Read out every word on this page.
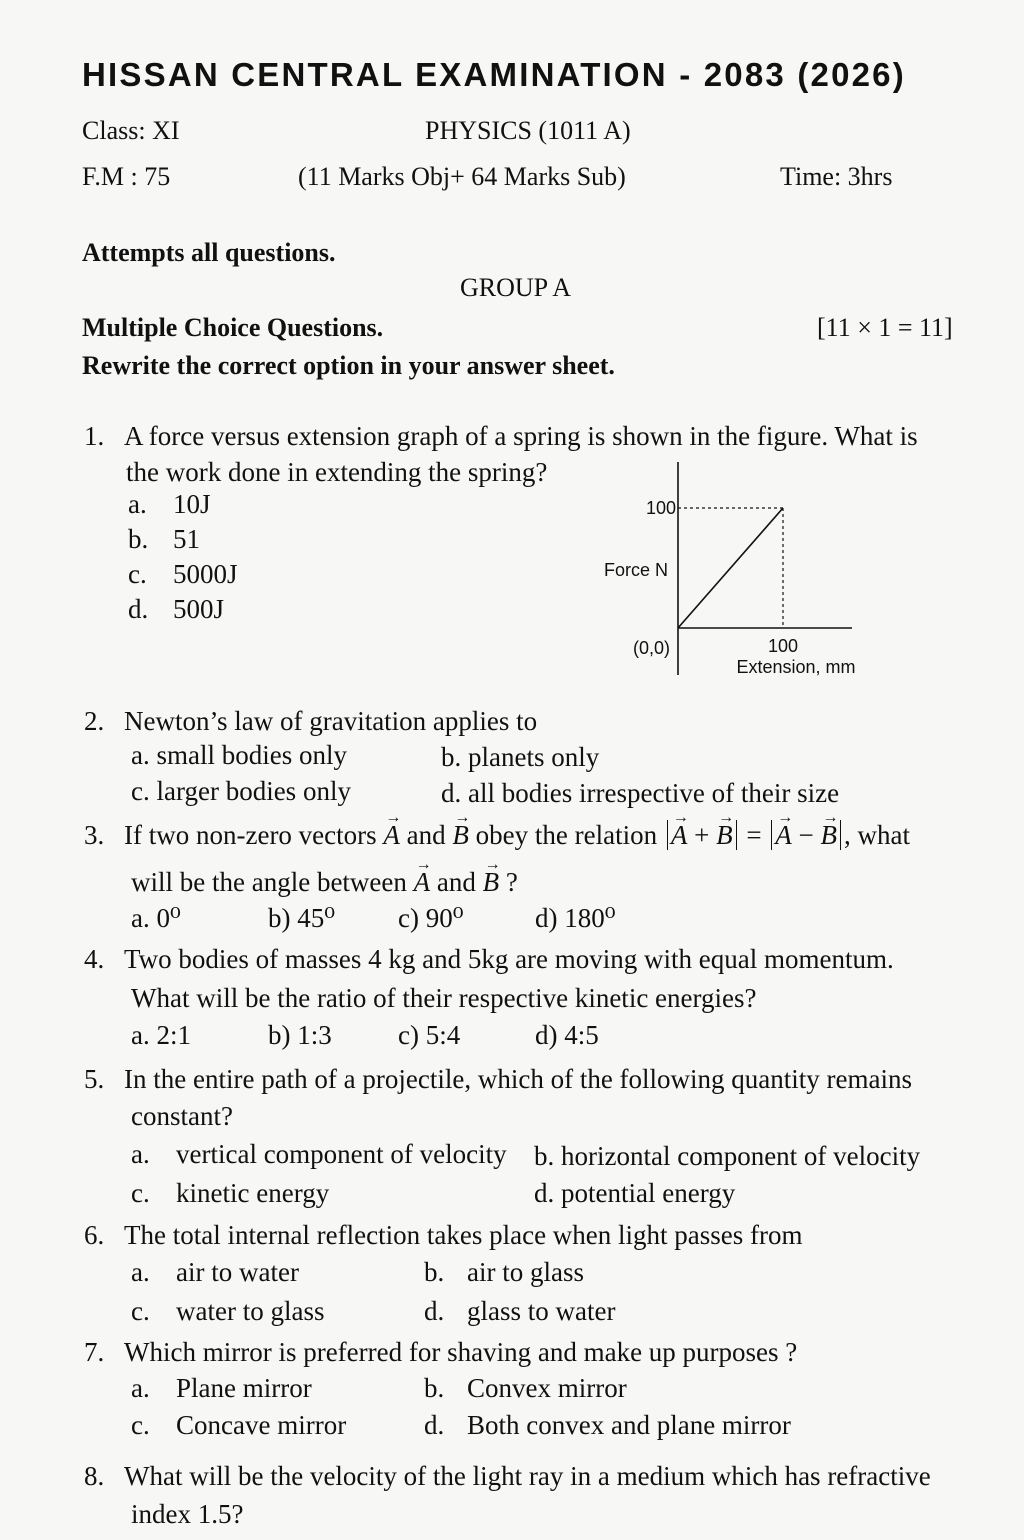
HISSAN CENTRAL EXAMINATION - 2083 (2026)
Class: XI	PHYSICS (1011 A)
F.M : 75	(11 Marks Obj+ 64 Marks Sub)	Time: 3hrs
Attempts all questions.
GROUP A
Multiple Choice Questions.	[11 × 1 = 11]
Rewrite the correct option in your answer sheet.
1. A force versus extension graph of a spring is shown in the figure. What is
the work done in extending the spring?
a. 10J
b. 51
c. 5000J
d. 500J
100
Force N
(0,0)	100
Extension, mm
2. Newton’s law of gravitation applies to
a. small bodies only	b. planets only
c. larger bodies only	d. all bodies irrespective of their size
3. If two non-zero vectors → A and → B obey the relation → A + → B = → A − → B , what
will be the angle between → A and → B ?
a. 0⁰	b) 45⁰ c) 90⁰	d) 180⁰
4. Two bodies of masses 4 kg and 5kg are moving with equal momentum.
What will be the ratio of their respective kinetic energies?
a. 2:1	b) 1:3 c) 5:4	d) 4:5
5. In the entire path of a projectile, which of the following quantity remains
constant?
a. vertical component of velocity b. horizontal component of velocity
c. kinetic energy	d. potential energy
6. The total internal reflection takes place when light passes from
a. air to water	b. air to glass
c. water to glass	d. glass to water
7. Which mirror is preferred for shaving and make up purposes ?
a. Plane mirror	b. Convex mirror
c. Concave mirror	d. Both convex and plane mirror
8. What will be the velocity of the light ray in a medium which has refractive
index 1.5?
